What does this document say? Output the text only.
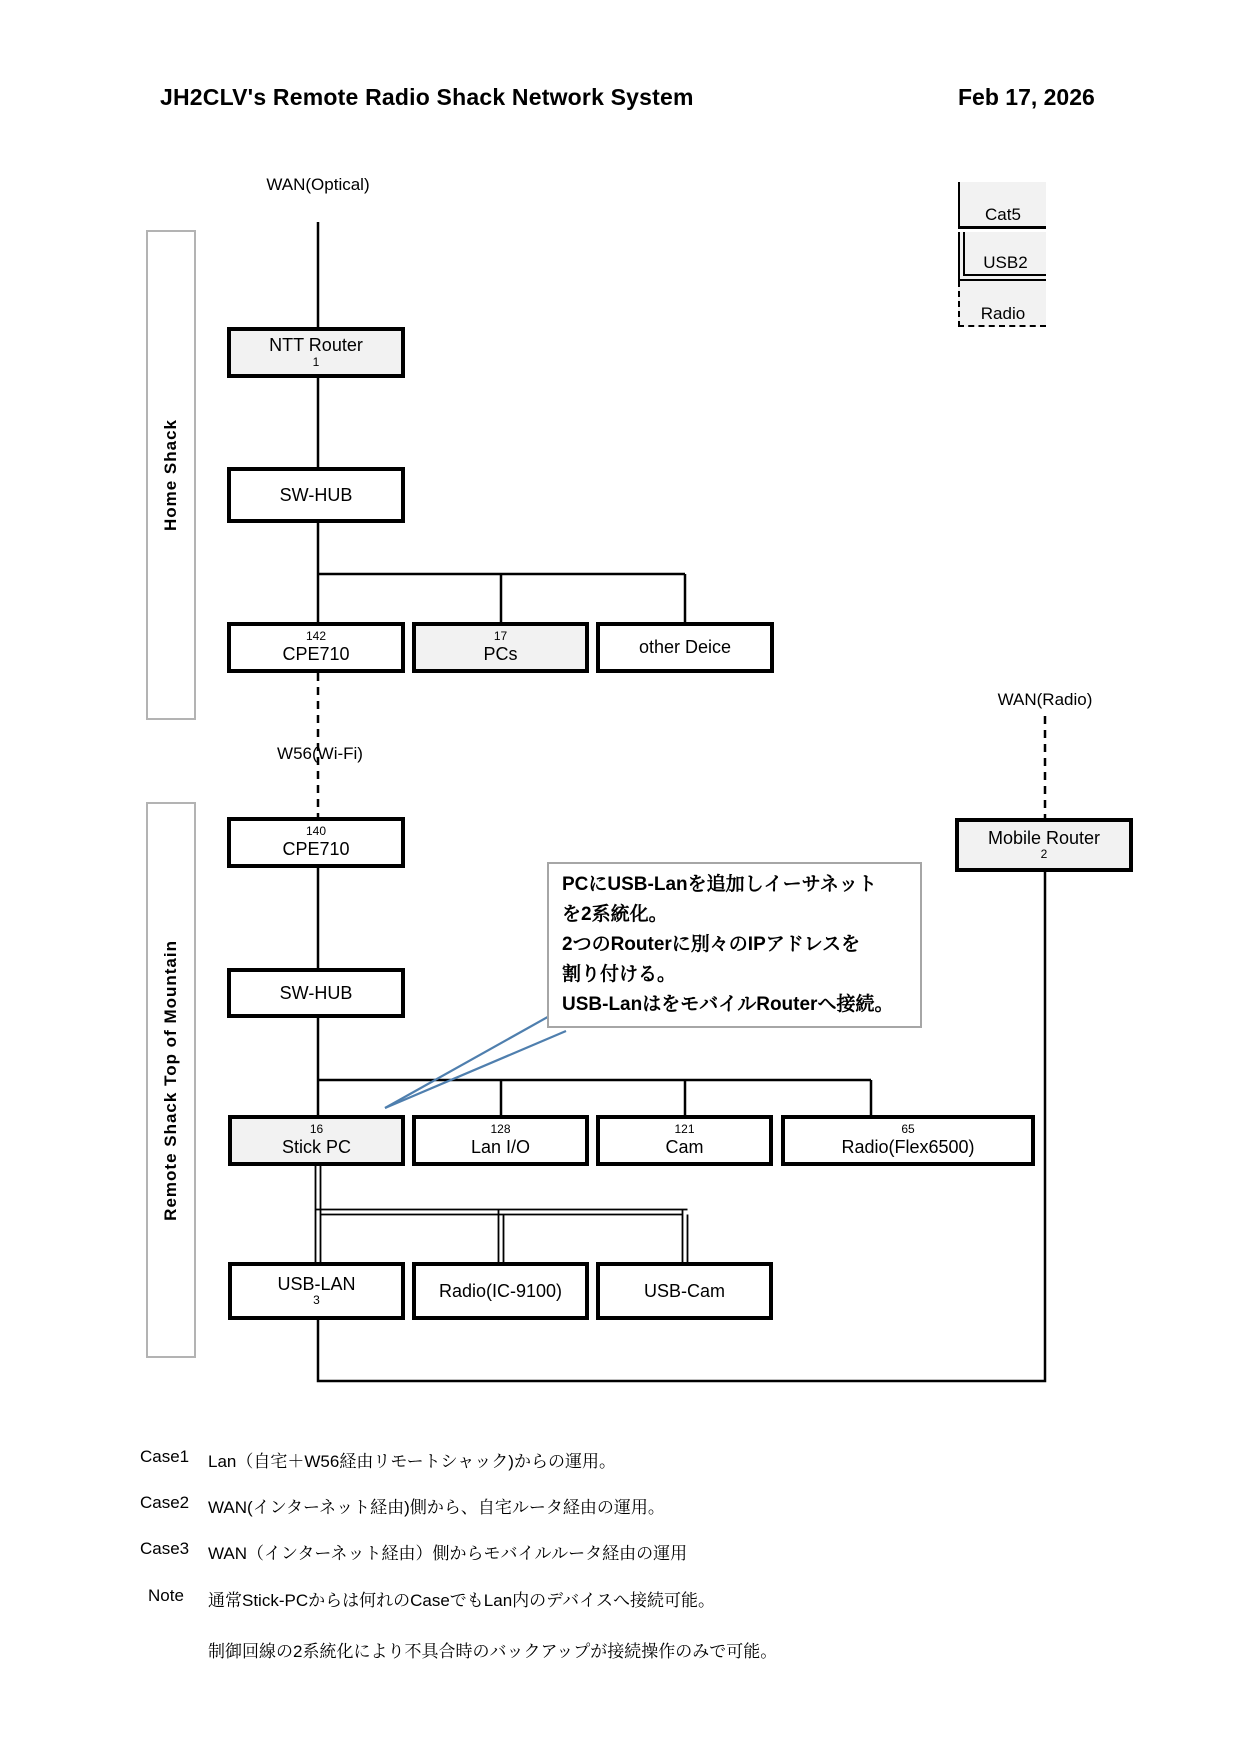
JH2CLV's Remote Radio Shack Network System	Feb 17, 2026
Cat5
USB2
Radio
Home Shack
Remote Shack Top of Mountain
WAN(Optical)
W56(Wi-Fi)
WAN(Radio)
NTT Router
1
SW-HUB
142
CPE710
17
PCs	other Deice
140
CPE710
Mobile Router
2
SW-HUB
16
Stick PC
128
Lan I/O
121
Cam
65
Radio(Flex6500)
USB-LAN
3	Radio(IC-9100)	USB-Cam
PCにUSB-Lanを追加しイーサネット
を2系統化。
2つのRouterに別々のIPアドレスを
割り付ける。
USB-LanはをモバイルRouterへ接続。
Case1 Lan（自宅＋W56経由リモートシャック)からの運用。
Case2 WAN(インターネット経由)側から、自宅ルータ経由の運用。
Case3 WAN（インターネット経由）側からモバイルルータ経由の運用
Note 通常Stick-PCからは何れのCaseでもLan内のデバイスへ接続可能。
制御回線の2系統化により不具合時のバックアップが接続操作のみで可能。
